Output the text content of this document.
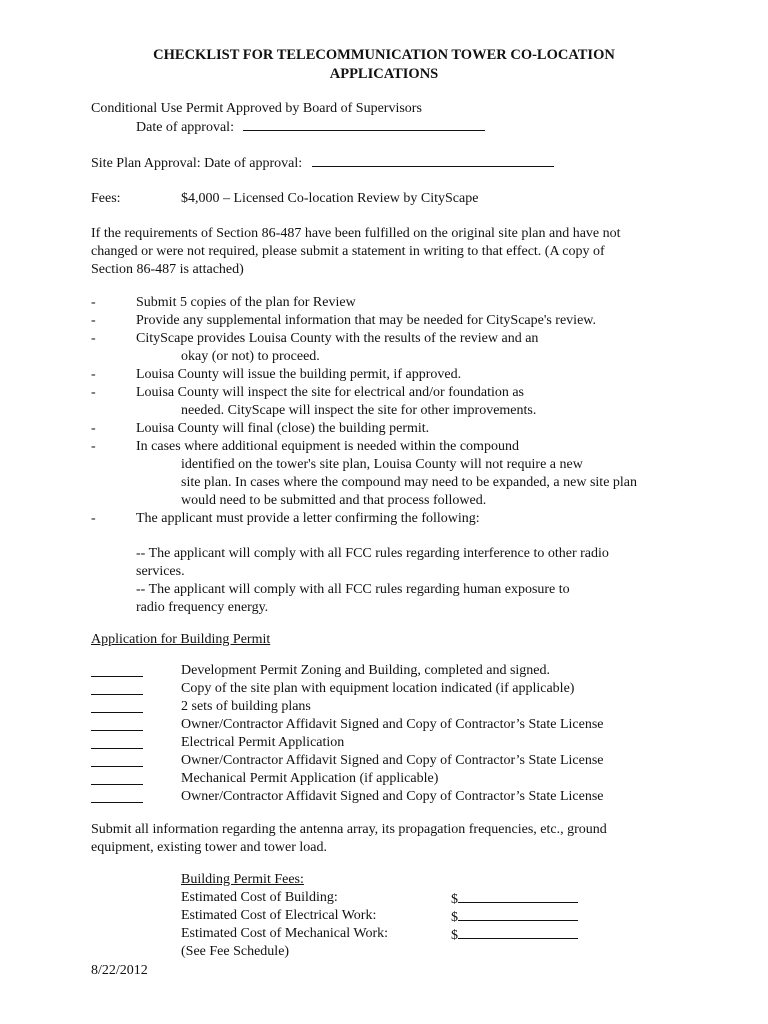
CHECKLIST FOR TELECOMMUNICATION TOWER CO-LOCATION
APPLICATIONS
Conditional Use Permit Approved by Board of Supervisors
Date of approval:
Site Plan Approval: Date of approval:
Fees:	$4,000 – Licensed Co-location Review by CityScape
If the requirements of Section 86-487 have been fulfilled on the original site plan and have not
changed or were not required, please submit a statement in writing to that effect. (A copy of
Section 86-487 is attached)
-	Submit 5 copies of the plan for Review
-	Provide any supplemental information that may be needed for CityScape's review.
-	CityScape provides Louisa County with the results of the review and an
okay (or not) to proceed.
-	Louisa County will issue the building permit, if approved.
-	Louisa County will inspect the site for electrical and/or foundation as
needed. CityScape will inspect the site for other improvements.
-	Louisa County will final (close) the building permit.
-	In cases where additional equipment is needed within the compound
identified on the tower's site plan, Louisa County will not require a new
site plan. In cases where the compound may need to be expanded, a new site plan
would need to be submitted and that process followed.
-	The applicant must provide a letter confirming the following:
-- The applicant will comply with all FCC rules regarding interference to other radio
services.
-- The applicant will comply with all FCC rules regarding human exposure to
radio frequency energy.
Application for Building Permit
Development Permit Zoning and Building, completed and signed.
Copy of the site plan with equipment location indicated (if applicable)
2 sets of building plans
Owner/Contractor Affidavit Signed and Copy of Contractor’s State License
Electrical Permit Application
Owner/Contractor Affidavit Signed and Copy of Contractor’s State License
Mechanical Permit Application (if applicable)
Owner/Contractor Affidavit Signed and Copy of Contractor’s State License
Submit all information regarding the antenna array, its propagation frequencies, etc., ground
equipment, existing tower and tower load.
Building Permit Fees:
Estimated Cost of Building:	$
Estimated Cost of Electrical Work:	$
Estimated Cost of Mechanical Work:	$
(See Fee Schedule)
8/22/2012
